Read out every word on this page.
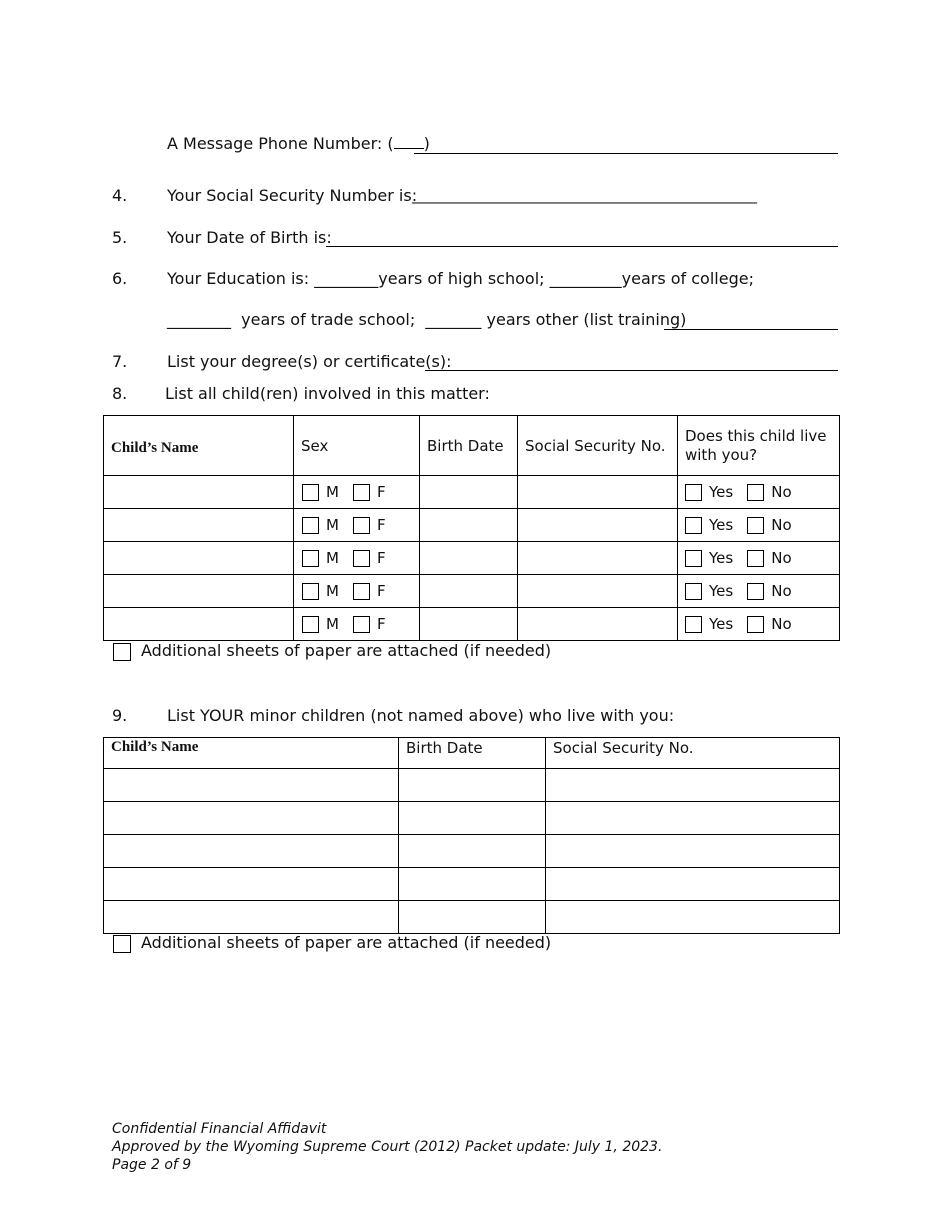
A Message Phone Number: ( )
4. Your Social Security Number is:
______________________________________________
5. Your Date of Birth is:
6. Your Education is: ________years of high school; _________years of college;
________ years of trade school; _______ years other (list training)
7. List your degree(s) or certificate(s):
8. List all child(ren) involved in this matter:
Child’s Name	Sex	Birth Date	Social Security No.	Does this child live with you?
	M F			Yes No
	M F			Yes No
	M F			Yes No
	M F			Yes No
	M F			Yes No
Additional sheets of paper are attached (if needed)
9. List YOUR minor children (not named above) who live with you:
Child’s Name	Birth Date	Social Security No.

Additional sheets of paper are attached (if needed)
Confidential Financial Affidavit
Approved by the Wyoming Supreme Court (2012) Packet update: July 1, 2023.
Page 2 of 9
